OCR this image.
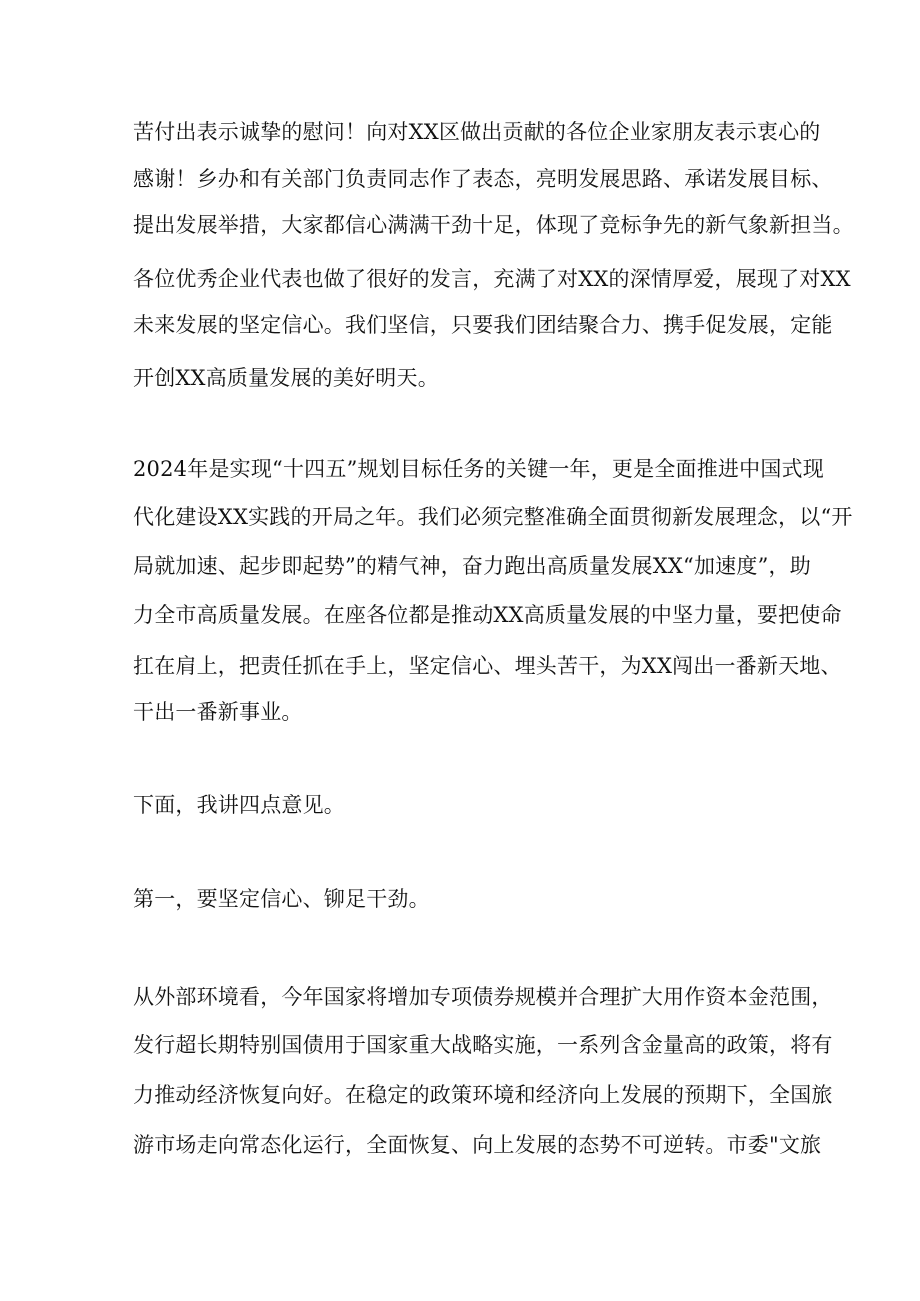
苦付出表示诚挚的慰问！向对XX区做出贡献的各位企业家朋友表示衷心的
感谢！乡办和有关部门负责同志作了表态，亮明发展思路、承诺发展目标、
提出发展举措，大家都信心满满干劲十足，体现了竞标争先的新气象新担当。
各位优秀企业代表也做了很好的发言，充满了对XX的深情厚爱，展现了对XX
未来发展的坚定信心。我们坚信，只要我们团结聚合力、携手促发展，定能
开创XX高质量发展的美好明天。
2024年是实现“十四五”规划目标任务的关键一年，更是全面推进中国式现
代化建设XX实践的开局之年。我们必须完整准确全面贯彻新发展理念，以“开
局就加速、起步即起势”的精气神，奋力跑出高质量发展XX“加速度”，助
力全市高质量发展。在座各位都是推动XX高质量发展的中坚力量，要把使命
扛在肩上，把责任抓在手上，坚定信心、埋头苦干，为XX闯出一番新天地、
干出一番新事业。
下面，我讲四点意见。
第一，要坚定信心、铆足干劲。
从外部环境看，今年国家将增加专项债券规模并合理扩大用作资本金范围，
发行超长期特别国债用于国家重大战略实施，一系列含金量高的政策，将有
力推动经济恢复向好。在稳定的政策环境和经济向上发展的预期下，全国旅
游市场走向常态化运行，全面恢复、向上发展的态势不可逆转。市委"文旅
